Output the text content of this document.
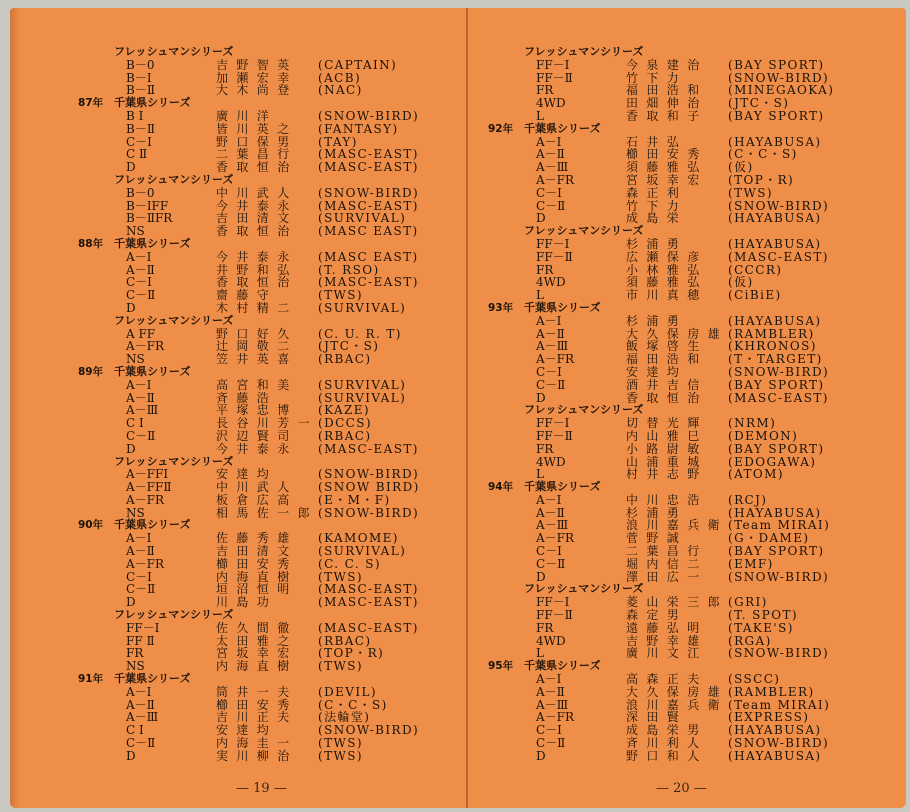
フレッシュマンシリーズ
B－0	吉野智英 (CAPTAIN)
B－Ⅰ	加瀬宏幸 (ACB)
B－Ⅱ	大木尚登 (NAC)
87年 千葉県シリーズ
B Ⅰ	廣川洋	(SNOW-BIRD)
B－Ⅱ	皆川英之 (FANTASY)
C－Ⅰ	野口保男 (TAY)
C Ⅱ	二葉昌行 (MASC-EAST)
D	香取恒治 (MASC-EAST)
フレッシュマンシリーズ
B－0	中川武人 (SNOW-BIRD)
B－ⅠFF	今井泰永 (MASC-EAST)
B－ⅡFR	吉田清文 (SURVIVAL)
NS	香取恒治 (MASC EAST)
88年 千葉県シリーズ
A－Ⅰ	今井泰永 (MASC EAST)
A－Ⅱ	井野和弘 (T. RSO)
C－Ⅰ	香取恒治 (MASC-EAST)
C－Ⅱ	齋藤守	(TWS)
D	木村精二 (SURVIVAL)
フレッシュマンシリーズ
A FF	野口好久 (C. U. R. T)
A－FR	辻岡敬二 (JTC・S)
NS	笠井英喜 (RBAC)
89年 千葉県シリーズ
A－Ⅰ	高宮和美 (SURVIVAL)
A－Ⅱ	斉藤浩	(SURVIVAL)
A－Ⅲ	平塚忠博 (KAZE)
C Ⅰ	長谷川芳一 (DCCS)
C－Ⅱ	沢辺賢司 (RBAC)
D	今井泰永 (MASC-EAST)
フレッシュマンシリーズ
A－FFⅠ	安達均	(SNOW-BIRD)
A－FFⅡ	中川武人 (SNOW BIRD)
A－FR	板倉広高 (E・M・F)
NS	相馬佐一郎 (SNOW-BIRD)
90年 千葉県シリーズ
A－Ⅰ	佐藤秀雄 (KAMOME)
A－Ⅱ	吉田清文 (SURVIVAL)
A－FR	櫛田安秀 (C. C. S)
C－Ⅰ	内海直樹 (TWS)
C－Ⅱ	垣沼恒明 (MASC-EAST)
D	川島功	(MASC-EAST)
フレッシュマンシリーズ
FF－Ⅰ	佐久間徹 (MASC-EAST)
FF Ⅱ	太田雅之 (RBAC)
FR	宮坂幸宏 (TOP・R)
NS	内海直樹 (TWS)
91年 千葉県シリーズ
A－Ⅰ	筒井一夫 (DEVIL)
A－Ⅱ	櫛田安秀 (C・C・S)
A－Ⅲ	吉川正夫 (法輪堂)
C Ⅰ	安達均	(SNOW-BIRD)
C－Ⅱ	内海圭一 (TWS)
D	実川柳治 (TWS)
— 19 —
フレッシュマンシリーズ
FF－Ⅰ	今泉建治 (BAY SPORT)
FF－Ⅱ	竹下力	(SNOW-BIRD)
FR	福田浩和 (MINEGAOKA)
4WD	田畑伸治 (JTC・S)
L	香取和子 (BAY SPORT)
92年 千葉県シリーズ
A－Ⅰ	石井弘	(HAYABUSA)
A－Ⅱ	櫛田安秀 (C・C・S)
A－Ⅲ	須藤雅弘 (仮)
A－FR	宮坂幸宏 (TOP・R)
C－Ⅰ	森正利	(TWS)
C－Ⅱ	竹下力	(SNOW-BIRD)
D	成島栄	(HAYABUSA)
フレッシュマンシリーズ
FF－Ⅰ	杉浦勇	(HAYABUSA)
FF－Ⅱ	広瀬保彦 (MASC-EAST)
FR	小林雅弘 (CCCR)
4WD	須藤雅弘 (仮)
L	市川真穂 (CiBiE)
93年 千葉県シリーズ
A－Ⅰ	杉浦勇	(HAYABUSA)
A－Ⅱ	大久保房雄 (RAMBLER)
A－Ⅲ	飯塚啓生 (KHRONOS)
A－FR	福田浩和 (T・TARGET)
C－Ⅰ	安達均	(SNOW-BIRD)
C－Ⅱ	酒井吉信 (BAY SPORT)
D	香取恒治 (MASC-EAST)
フレッシュマンシリーズ
FF－Ⅰ	切替光輝 (NRM)
FF－Ⅱ	内山雅巳 (DEMON)
FR	小路尉敏 (BAY SPORT)
4WD	山浦重城 (EDOGAWA)
L	村井志野 (ATOM)
94年 千葉県シリーズ
A－Ⅰ	中川忠浩 (RCJ)
A－Ⅱ	杉浦勇	(HAYABUSA)
A－Ⅲ	浪川嘉兵衛 (Team MIRAI)
A－FR	菅野誠	(G・DAME)
C－Ⅰ	二葉昌行 (BAY SPORT)
C－Ⅱ	堀内信二 (EMF)
D	澤田広一 (SNOW-BIRD)
フレッシュマンシリーズ
FF－Ⅰ	菱山栄三郎 (GRI)
FF－Ⅱ	森定男	(T. SPOT)
FR	遠藤弘明 (TAKE'S)
4WD	吉野幸雄 (RGA)
L	廣川文江 (SNOW-BIRD)
95年 千葉県シリーズ
A－Ⅰ	高森正夫 (SSCC)
A－Ⅱ	大久保房雄 (RAMBLER)
A－Ⅲ	浪川嘉兵衛 (Team MIRAI)
A－FR	深田賢	(EXPRESS)
C－Ⅰ	成島栄男 (HAYABUSA)
C－Ⅱ	斉川利人 (SNOW-BIRD)
D	野口和人 (HAYABUSA)
— 20 —
